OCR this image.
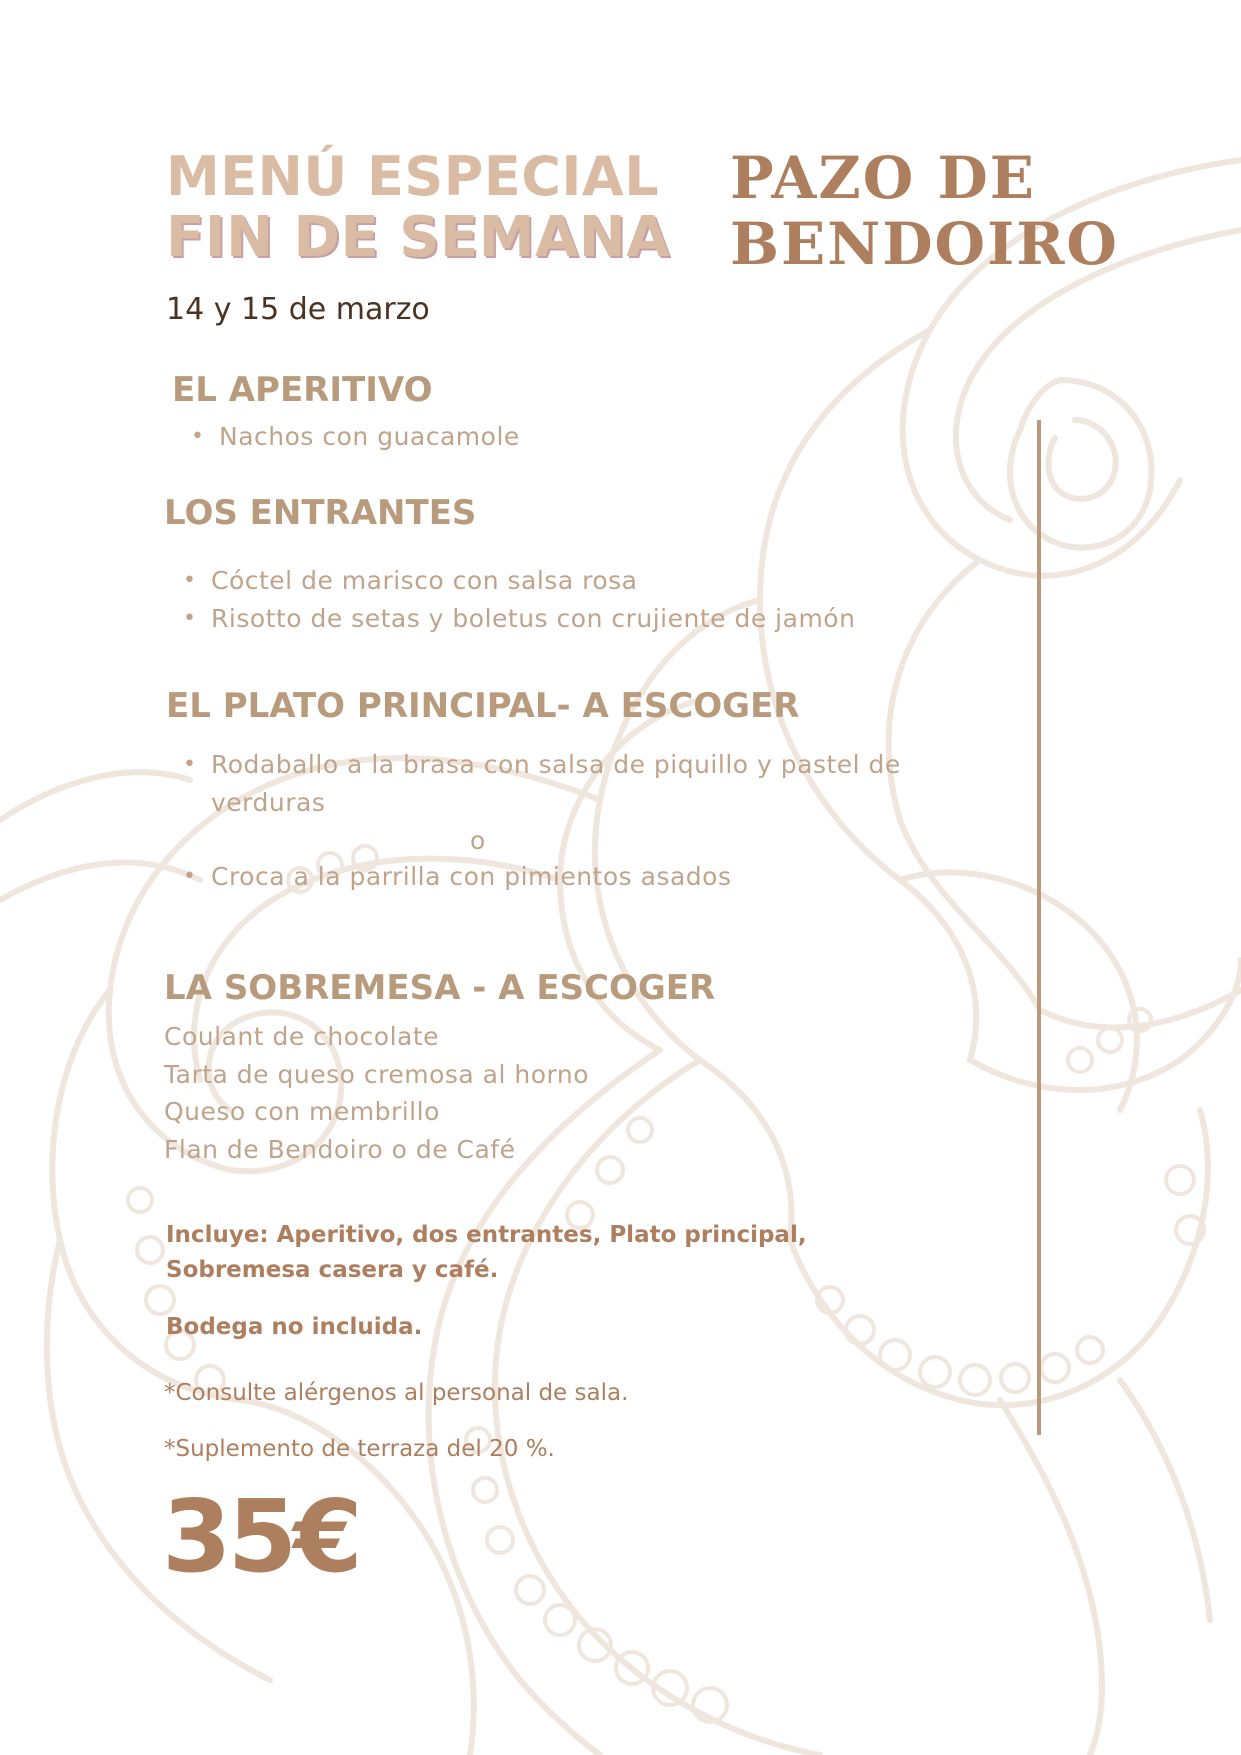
MENÚ ESPECIAL
FIN DE SEMANA
PAZO DE
BENDOIRO
14 y 15 de marzo
EL APERITIVO
• Nachos con guacamole
LOS ENTRANTES
• Cóctel de marisco con salsa rosa
• Risotto de setas y boletus con crujiente de jamón
EL PLATO PRINCIPAL- A ESCOGER
• Rodaballo a la brasa con salsa de piquillo y pastel de verduras
o
• Croca a la parrilla con pimientos asados
LA SOBREMESA - A ESCOGER
Coulant de chocolate
Tarta de queso cremosa al horno
Queso con membrillo
Flan de Bendoiro o de Café
Incluye: Aperitivo, dos entrantes, Plato principal, Sobremesa casera y café.
Bodega no incluida.
*Consulte alérgenos al personal de sala.
*Suplemento de terraza del 20 %.
35€
